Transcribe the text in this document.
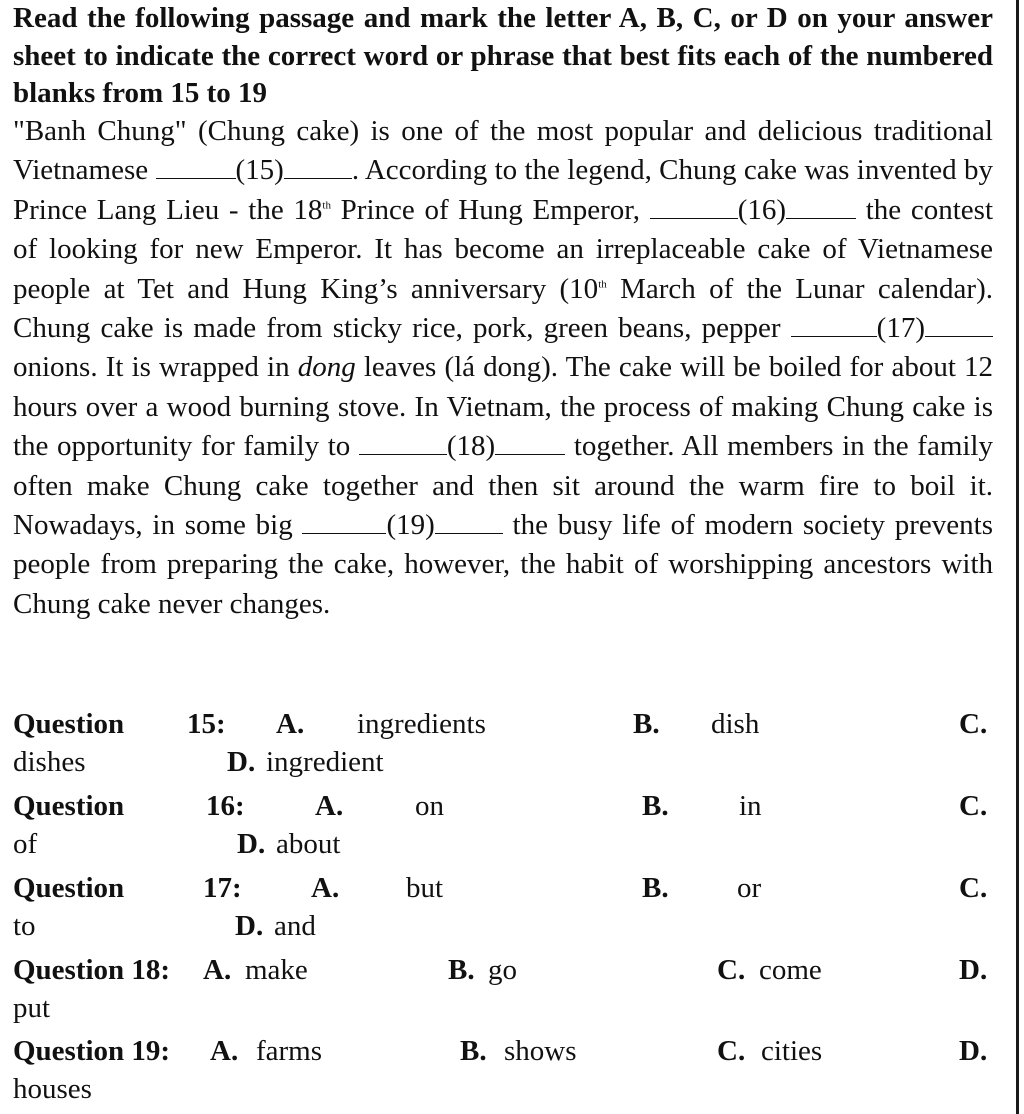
Read the following passage and mark the letter A, B, C, or D on your answer sheet to indicate the correct word or phrase that best fits each of the numbered blanks from 15 to 19

"Banh Chung" (Chung cake) is one of the most popular and delicious traditional Vietnamese	(15) . According to the legend, Chung cake was invented by Prince Lang Lieu - the 18th Prince of Hung Emperor,	(16) the contest of looking for new Emperor. It has become an irreplaceable cake of Vietnamese people at Tet and Hung King’s anniversary (10th March of the Lunar calendar). Chung cake is made from sticky rice, pork, green beans, pepper	(17) onions. It is wrapped in dong leaves (lá dong). The cake will be boiled for about 12 hours over a wood burning stove. In Vietnam, the process of making Chung cake is the opportunity for family to	(18) together. All members in the family often make Chung cake together and then sit around the warm fire to boil it. Nowadays, in some big	(19) the busy life of modern society prevents people from preparing the cake, however, the habit of worshipping ancestors with Chung cake never changes.

Question 15: A. ingredients	B. dish	C.
dishes	D. ingredient
Question	16: A. on	B. in	C.
of	D. about
Question	17: A. but	B. or	C.
to	D. and
Question 18: A. make	B. go	C. come	D.
put
Question 19: A. farms	B. shows	C. cities	D.
houses
